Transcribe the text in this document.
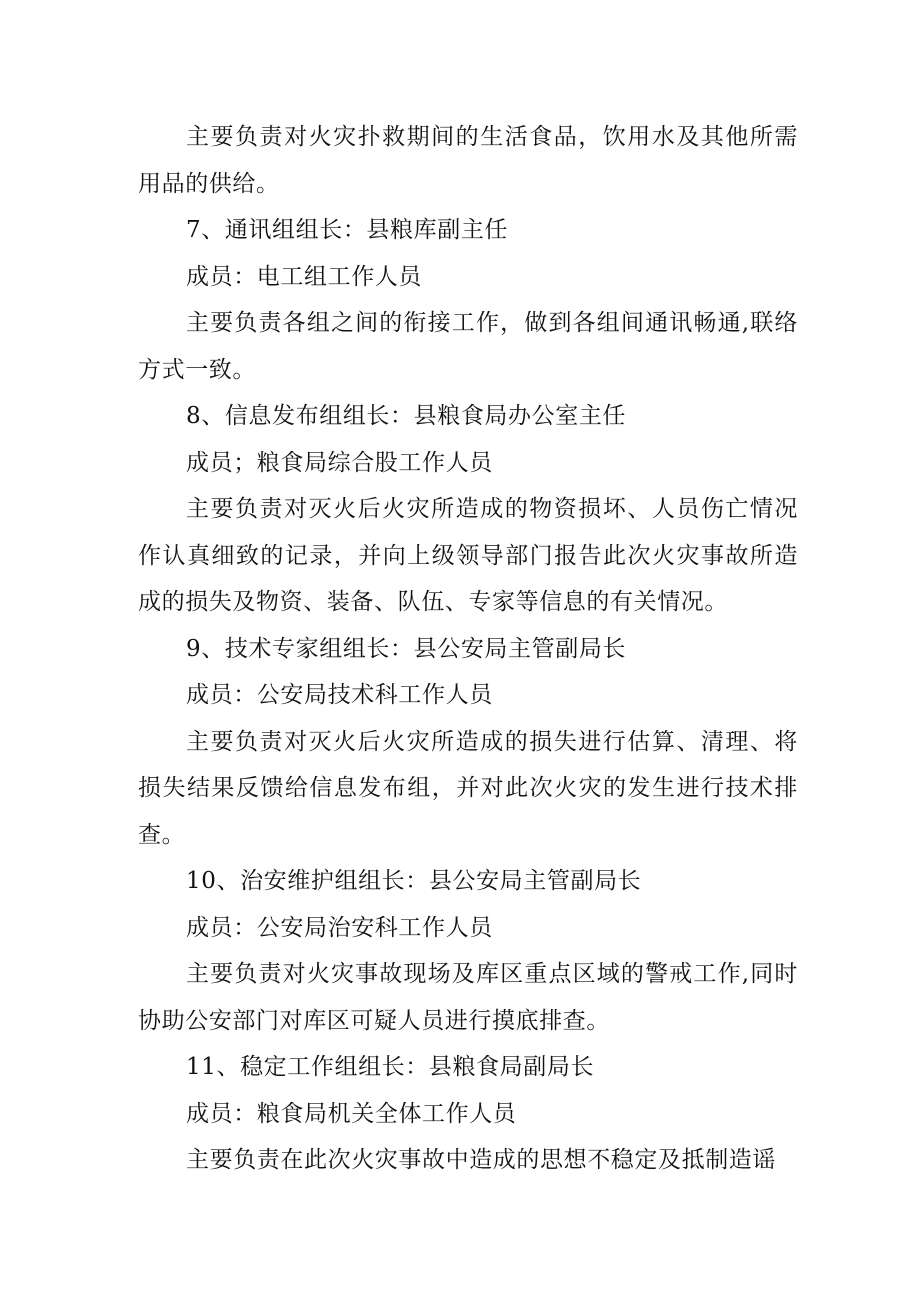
主要负责对火灾扑救期间的生活食品，饮用水及其他所需用品的供给。

7、通讯组组长：县粮库副主任

成员：电工组工作人员

主要负责各组之间的衔接工作，做到各组间通讯畅通,联络方式一致。

8、信息发布组组长：县粮食局办公室主任

成员；粮食局综合股工作人员

主要负责对灭火后火灾所造成的物资损坏、人员伤亡情况作认真细致的记录，并向上级领导部门报告此次火灾事故所造成的损失及物资、装备、队伍、专家等信息的有关情况。

9、技术专家组组长：县公安局主管副局长

成员：公安局技术科工作人员

主要负责对灭火后火灾所造成的损失进行估算、清理、将损失结果反馈给信息发布组，并对此次火灾的发生进行技术排查。

10、治安维护组组长：县公安局主管副局长

成员：公安局治安科工作人员

主要负责对火灾事故现场及库区重点区域的警戒工作,同时协助公安部门对库区可疑人员进行摸底排查。

11、稳定工作组组长：县粮食局副局长

成员：粮食局机关全体工作人员

主要负责在此次火灾事故中造成的思想不稳定及抵制造谣
